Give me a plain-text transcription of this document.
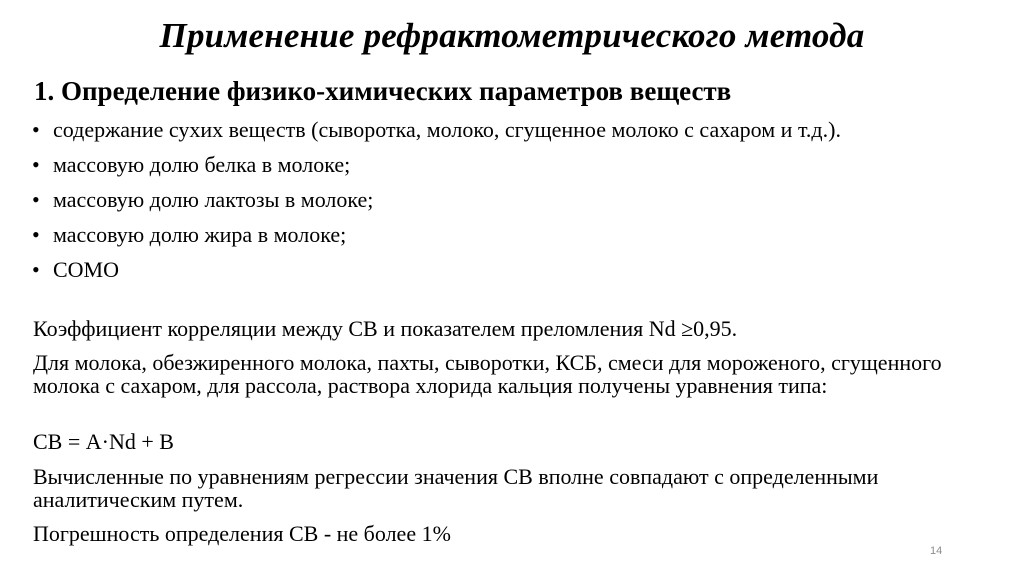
Применение рефрактометрического метода
1. Определение физико-химических параметров веществ
• содержание сухих веществ (сыворотка, молоко, сгущенное молоко с сахаром и т.д.).
• массовую долю белка в молоке;
• массовую долю лактозы в молоке;
• массовую долю жира в молоке;
• СОМО
Коэффициент корреляции между СВ и показателем преломления Nd ≥0,95.
Для молока, обезжиренного молока, пахты, сыворотки, КСБ, смеси для мороженого, сгущенного молока с сахаром, для рассола, раствора хлорида кальция получены уравнения типа:
СВ = А·Nd + В
Вычисленные по уравнениям регрессии значения СВ вполне совпадают с определенными аналитическим путем.
Погрешность определения СВ - не более 1%
14
